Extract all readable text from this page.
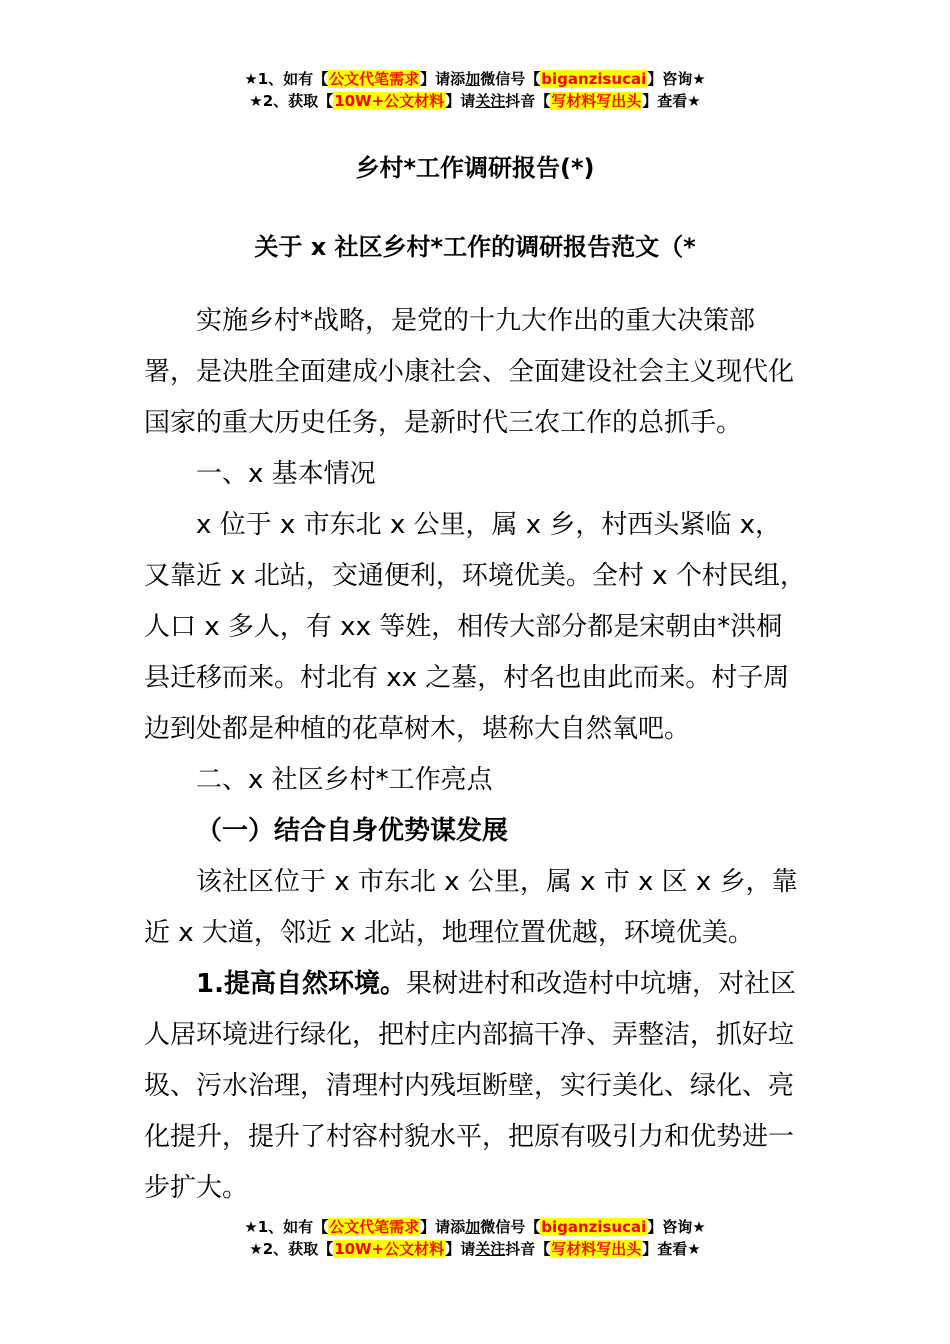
★1、如有【公文代笔需求】请添加微信号【biganzisucai】咨询★
★2、获取【10W+公文材料】请关注抖音【写材料写出头】查看★
乡村*工作调研报告(*)
关于 x 社区乡村*工作的调研报告范文（*

实施乡村*战略，是党的十九大作出的重大决策部署，是决胜全面建成小康社会、全面建设社会主义现代化国家的重大历史任务，是新时代三农工作的总抓手。

一、x 基本情况

x 位于 x 市东北 x 公里，属 x 乡，村西头紧临 x，又靠近 x 北站，交通便利，环境优美。全村 x 个村民组，人口 x 多人，有 xx 等姓，相传大部分都是宋朝由*洪桐县迁移而来。村北有 xx 之墓，村名也由此而来。村子周边到处都是种植的花草树木，堪称大自然氧吧。

二、x 社区乡村*工作亮点

（一）结合自身优势谋发展

该社区位于 x 市东北 x 公里，属 x 市 x 区 x 乡，靠近 x 大道，邻近 x 北站，地理位置优越，环境优美。

1.提高自然环境。果树进村和改造村中坑塘，对社区人居环境进行绿化，把村庄内部搞干净、弄整洁，抓好垃圾、污水治理，清理村内残垣断壁，实行美化、绿化、亮化提升，提升了村容村貌水平，把原有吸引力和优势进一步扩大。

★1、如有【公文代笔需求】请添加微信号【biganzisucai】咨询★
★2、获取【10W+公文材料】请关注抖音【写材料写出头】查看★
